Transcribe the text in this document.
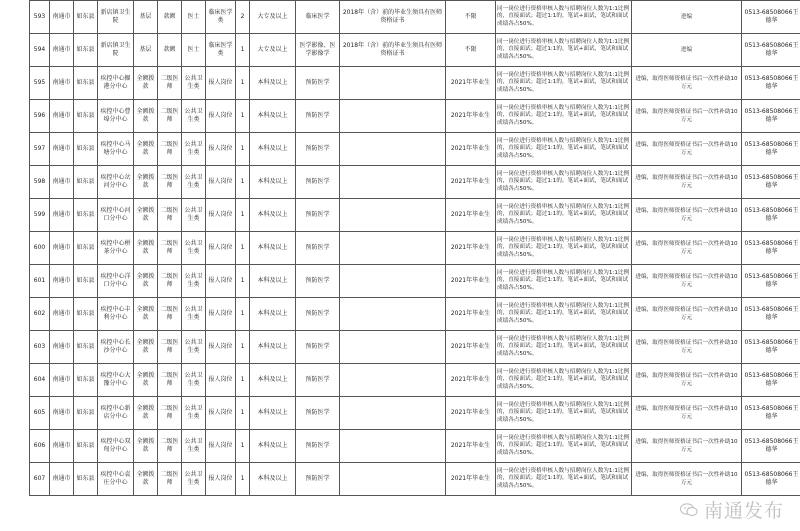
593	南通市	如东县	新店镇卫生院	基层	款额	医士	临床医学类	2	大专及以上	临床医学	2018年（含）前的毕业生须具有医师资格证书	不限	同一岗位进行资格审核人数与招聘岗位人数为1:1比例的，直接面试；超过1:1的，笔试+面试，笔试和面试成绩各占50%。	进编	0513-68508066王德华
594	南通市	如东县	新店镇卫生院	基层	款额	医士	临床医学类	1	大专及以上	医学影像、医学影像学	2018年（含）前的毕业生须具有医师资格证书	不限	同一岗位进行资格审核人数与招聘岗位人数为1:1比例的，直接面试；超过1:1的，笔试+面试，笔试和面试成绩各占50%。	进编	0513-68508066王德华
595	南通市	如东县	疾控中心掘港分中心	全额拨款	二级医师	公共卫生类	报人岗位	1	本科及以上	预防医学		2021年毕业生	同一岗位进行资格审核人数与招聘岗位人数为1:1比例的，直接面试；超过1:1的，笔试+面试，笔试和面试成绩各占50%。	进编，取得医师资格证书后一次性补助10万元	0513-68508066王德华
596	南通市	如东县	疾控中心曹埠分中心	全额拨款	二级医师	公共卫生类	报人岗位	1	本科及以上	预防医学		2021年毕业生	同一岗位进行资格审核人数与招聘岗位人数为1:1比例的，直接面试；超过1:1的，笔试+面试，笔试和面试成绩各占50%。	进编，取得医师资格证书后一次性补助10万元	0513-68508066王德华
597	南通市	如东县	疾控中心马塘分中心	全额拨款	二级医师	公共卫生类	报人岗位	1	本科及以上	预防医学		2021年毕业生	同一岗位进行资格审核人数与招聘岗位人数为1:1比例的，直接面试；超过1:1的，笔试+面试，笔试和面试成绩各占50%。	进编，取得医师资格证书后一次性补助10万元	0513-68508066王德华
598	南通市	如东县	疾控中心岔河分中心	全额拨款	二级医师	公共卫生类	报人岗位	1	本科及以上	预防医学		2021年毕业生	同一岗位进行资格审核人数与招聘岗位人数为1:1比例的，直接面试；超过1:1的，笔试+面试，笔试和面试成绩各占50%。	进编，取得医师资格证书后一次性补助10万元	0513-68508066王德华
599	南通市	如东县	疾控中心河口分中心	全额拨款	二级医师	公共卫生类	报人岗位	1	本科及以上	预防医学		2021年毕业生	同一岗位进行资格审核人数与招聘岗位人数为1:1比例的，直接面试；超过1:1的，笔试+面试，笔试和面试成绩各占50%。	进编，取得医师资格证书后一次性补助10万元	0513-68508066王德华
600	南通市	如东县	疾控中心栟茶分中心	全额拨款	二级医师	公共卫生类	报人岗位	1	本科及以上	预防医学		2021年毕业生	同一岗位进行资格审核人数与招聘岗位人数为1:1比例的，直接面试；超过1:1的，笔试+面试，笔试和面试成绩各占50%。	进编，取得医师资格证书后一次性补助10万元	0513-68508066王德华
601	南通市	如东县	疾控中心洋口分中心	全额拨款	二级医师	公共卫生类	报人岗位	1	本科及以上	预防医学		2021年毕业生	同一岗位进行资格审核人数与招聘岗位人数为1:1比例的，直接面试；超过1:1的，笔试+面试，笔试和面试成绩各占50%。	进编，取得医师资格证书后一次性补助10万元	0513-68508066王德华
602	南通市	如东县	疾控中心丰利分中心	全额拨款	二级医师	公共卫生类	报人岗位	1	本科及以上	预防医学		2021年毕业生	同一岗位进行资格审核人数与招聘岗位人数为1:1比例的，直接面试；超过1:1的，笔试+面试，笔试和面试成绩各占50%。	进编，取得医师资格证书后一次性补助10万元	0513-68508066王德华
603	南通市	如东县	疾控中心长沙分中心	全额拨款	二级医师	公共卫生类	报人岗位	1	本科及以上	预防医学		2021年毕业生	同一岗位进行资格审核人数与招聘岗位人数为1:1比例的，直接面试；超过1:1的，笔试+面试，笔试和面试成绩各占50%。	进编，取得医师资格证书后一次性补助10万元	0513-68508066王德华
604	南通市	如东县	疾控中心大豫分中心	全额拨款	二级医师	公共卫生类	报人岗位	1	本科及以上	预防医学		2021年毕业生	同一岗位进行资格审核人数与招聘岗位人数为1:1比例的，直接面试；超过1:1的，笔试+面试，笔试和面试成绩各占50%。	进编，取得医师资格证书后一次性补助10万元	0513-68508066王德华
605	南通市	如东县	疾控中心新店分中心	全额拨款	二级医师	公共卫生类	报人岗位	1	本科及以上	预防医学		2021年毕业生	同一岗位进行资格审核人数与招聘岗位人数为1:1比例的，直接面试；超过1:1的，笔试+面试，笔试和面试成绩各占50%。	进编，取得医师资格证书后一次性补助10万元	0513-68508066王德华
606	南通市	如东县	疾控中心双甸分中心	全额拨款	二级医师	公共卫生类	报人岗位	1	本科及以上	预防医学		2021年毕业生	同一岗位进行资格审核人数与招聘岗位人数为1:1比例的，直接面试；超过1:1的，笔试+面试，笔试和面试成绩各占50%。	进编，取得医师资格证书后一次性补助10万元	0513-68508066王德华
607	南通市	如东县	疾控中心袁庄分中心	全额拨款	二级医师	公共卫生类	报人岗位	1	本科及以上	预防医学		2021年毕业生	同一岗位进行资格审核人数与招聘岗位人数为1:1比例的，直接面试；超过1:1的，笔试+面试，笔试和面试成绩各占50%。	进编，取得医师资格证书后一次性补助10万元	0513-68508066王德华
南通发布
